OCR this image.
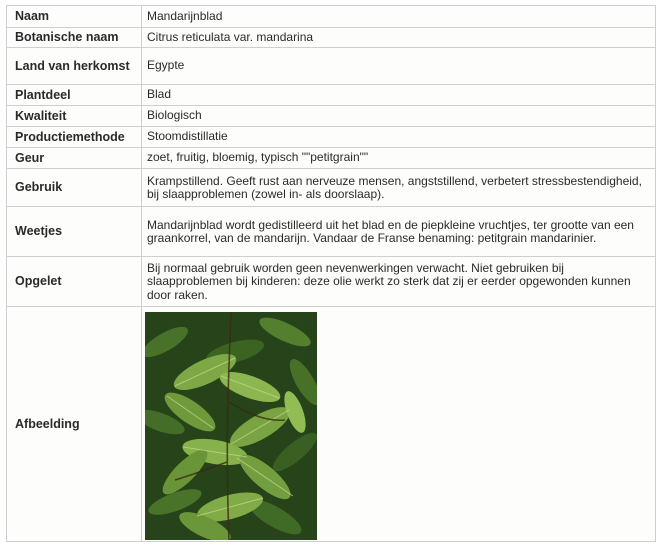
Naam	Mandarijnblad
Botanische naam	Citrus reticulata var. mandarina
Land van herkomst	Egypte
Plantdeel	Blad
Kwaliteit	Biologisch
Productiemethode	Stoomdistillatie
Geur	zoet, fruitig, bloemig, typisch ""petitgrain""
Gebruik	Krampstillend. Geeft rust aan nerveuze mensen, angststillend, verbetert stressbestendigheid, bij slaapproblemen (zowel in- als doorslaap).
Weetjes	Mandarijnblad wordt gedistilleerd uit het blad en de piepkleine vruchtjes, ter grootte van een graankorrel, van de mandarijn. Vandaar de Franse benaming: petitgrain mandarinier.
Opgelet	Bij normaal gebruik worden geen nevenwerkingen verwacht. Niet gebruiken bij slaapproblemen bij kinderen: deze olie werkt zo sterk dat zij er eerder opgewonden kunnen door raken.
Afbeelding	
